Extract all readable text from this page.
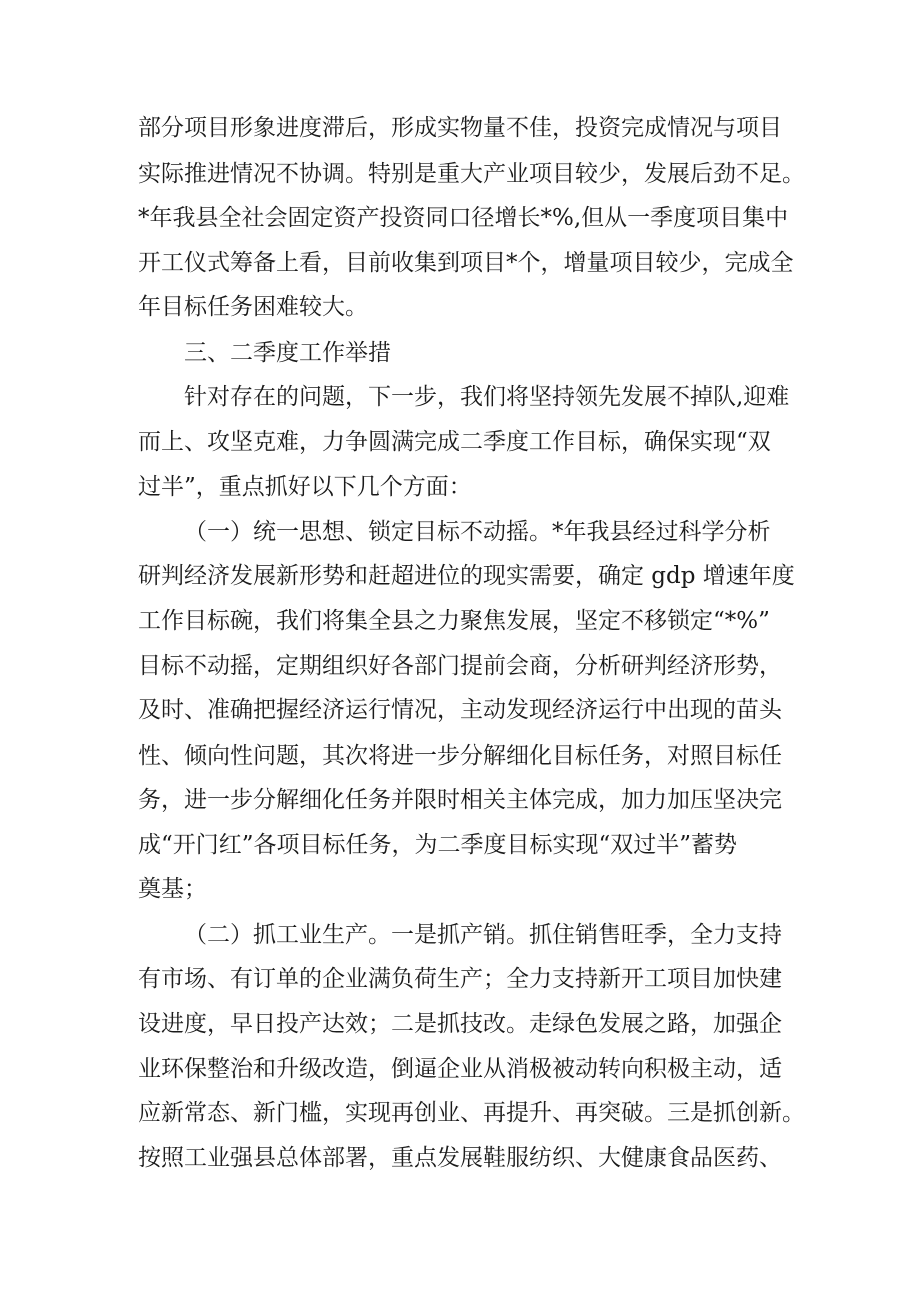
部分项目形象进度滞后，形成实物量不佳，投资完成情况与项目
实际推进情况不协调。特别是重大产业项目较少，发展后劲不足。
*年我县全社会固定资产投资同口径增长*%,但从一季度项目集中
开工仪式筹备上看，目前收集到项目*个，增量项目较少，完成全
年目标任务困难较大。
三、二季度工作举措
针对存在的问题，下一步，我们将坚持领先发展不掉队,迎难
而上、攻坚克难，力争圆满完成二季度工作目标，确保实现“双
过半”，重点抓好以下几个方面：
（一）统一思想、锁定目标不动摇。*年我县经过科学分析
研判经济发展新形势和赶超进位的现实需要，确定 gdp 增速年度
工作目标碗，我们将集全县之力聚焦发展，坚定不移锁定“*%”
目标不动摇，定期组织好各部门提前会商，分析研判经济形势，
及时、准确把握经济运行情况，主动发现经济运行中出现的苗头
性、倾向性问题，其次将进一步分解细化目标任务，对照目标任
务，进一步分解细化任务并限时相关主体完成，加力加压坚决完
成“开门红”各项目标任务，为二季度目标实现“双过半”蓄势
奠基；
（二）抓工业生产。一是抓产销。抓住销售旺季，全力支持
有市场、有订单的企业满负荷生产；全力支持新开工项目加快建
设进度，早日投产达效；二是抓技改。走绿色发展之路，加强企
业环保整治和升级改造，倒逼企业从消极被动转向积极主动，适
应新常态、新门槛，实现再创业、再提升、再突破。三是抓创新。
按照工业强县总体部署，重点发展鞋服纺织、大健康食品医药、
